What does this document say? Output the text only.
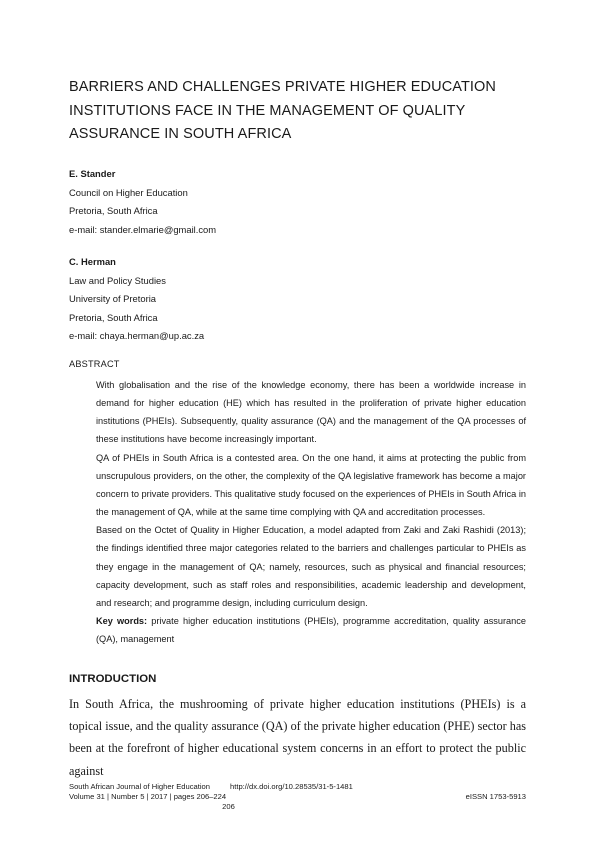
BARRIERS AND CHALLENGES PRIVATE HIGHER EDUCATION
INSTITUTIONS FACE IN THE MANAGEMENT OF QUALITY
ASSURANCE IN SOUTH AFRICA
E. Stander
Council on Higher Education
Pretoria, South Africa
e-mail: stander.elmarie@gmail.com
C. Herman
Law and Policy Studies
University of Pretoria
Pretoria, South Africa
e-mail: chaya.herman@up.ac.za
ABSTRACT

With globalisation and the rise of the knowledge economy, there has been a worldwide increase in demand for higher education (HE) which has resulted in the proliferation of private higher education institutions (PHEIs). Subsequently, quality assurance (QA) and the management of the QA processes of these institutions have become increasingly important.

QA of PHEIs in South Africa is a contested area. On the one hand, it aims at protecting the public from unscrupulous providers, on the other, the complexity of the QA legislative framework has become a major concern to private providers. This qualitative study focused on the experiences of PHEIs in South Africa in the management of QA, while at the same time complying with QA and accreditation processes.

Based on the Octet of Quality in Higher Education, a model adapted from Zaki and Zaki Rashidi (2013); the findings identified three major categories related to the barriers and challenges particular to PHEIs as they engage in the management of QA; namely, resources, such as physical and financial resources; capacity development, such as staff roles and responsibilities, academic leadership and development, and research; and programme design, including curriculum design.

Key words: private higher education institutions (PHEIs), programme accreditation, quality assurance (QA), management

INTRODUCTION

In South Africa, the mushrooming of private higher education institutions (PHEIs) is a topical issue, and the quality assurance (QA) of the private higher education (PHE) sector has been at the forefront of higher educational system concerns in an effort to protect the public against

South African Journal of Higher Education	http://dx.doi.org/10.28535/31-5-1481
Volume 31 | Number 5 | 2017 | pages 206–224	eISSN 1753-5913
206
